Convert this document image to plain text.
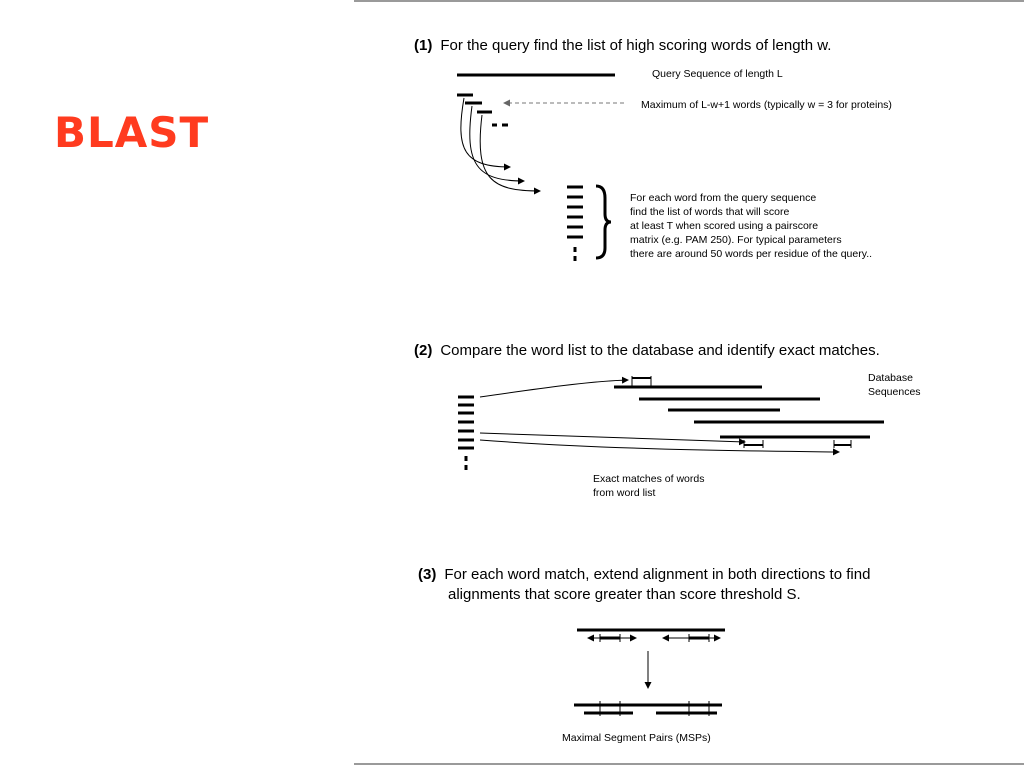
BLAST
(1) For the query find the list of high scoring words of length w.
(2) Compare the word list to the database and identify exact matches.
(3) For each word match, extend alignment in both directions to find
alignments that score greater than score threshold S.
Query Sequence of length L
Maximum of L-w+1 words (typically w = 3 for proteins)
For each word from the query sequence
find the list of words that will score
at least T when scored using a pairscore
matrix (e.g. PAM 250). For typical parameters
there are around 50 words per residue of the query..
Database
Sequences
Exact matches of words
from word list
Maximal Segment Pairs (MSPs)
